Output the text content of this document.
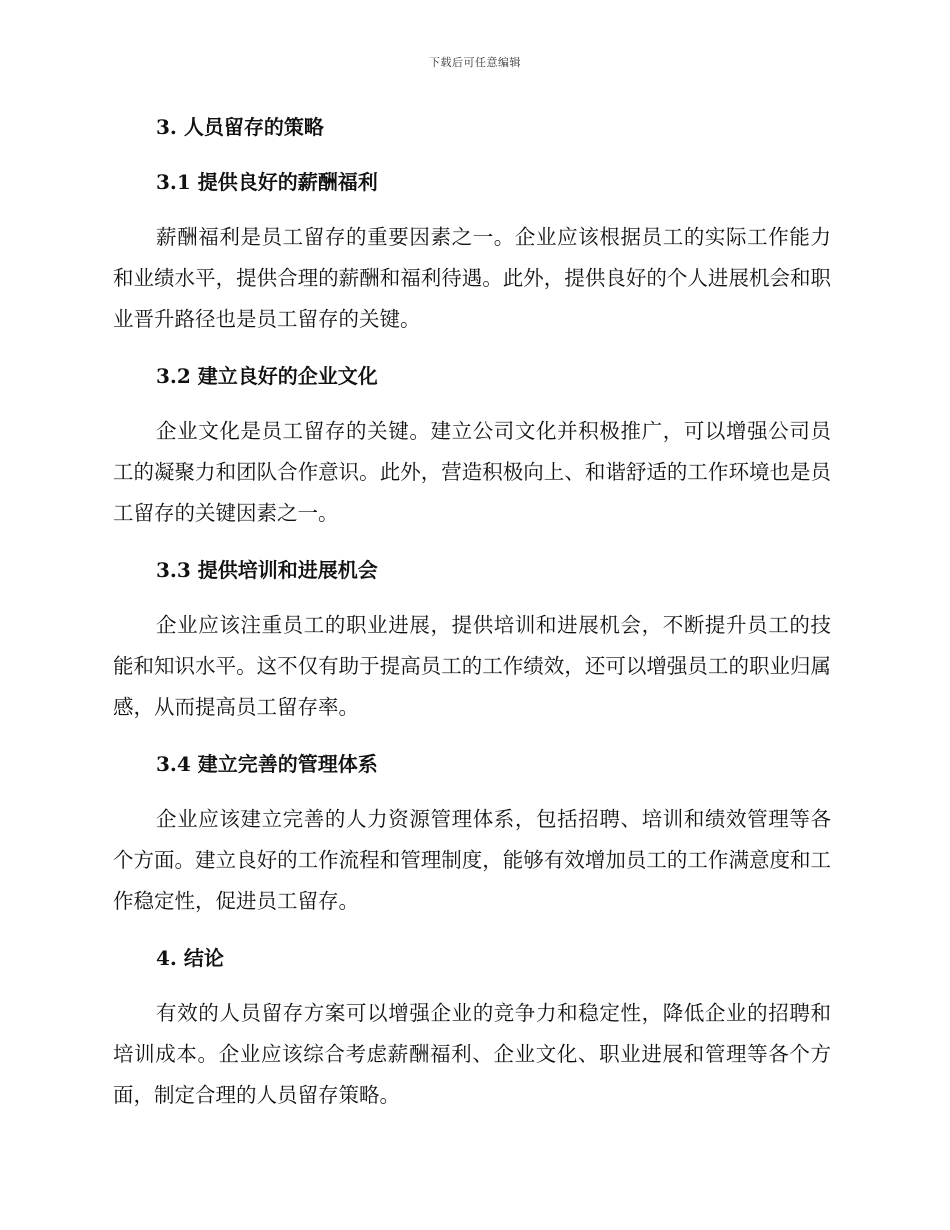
下载后可任意编辑
3. 人员留存的策略
3.1 提供良好的薪酬福利

薪酬福利是员工留存的重要因素之一。企业应该根据员工的实际工作能力和业绩水平，提供合理的薪酬和福利待遇。此外，提供良好的个人进展机会和职业晋升路径也是员工留存的关键。

3.2 建立良好的企业文化

企业文化是员工留存的关键。建立公司文化并积极推广，可以增强公司员工的凝聚力和团队合作意识。此外，营造积极向上、和谐舒适的工作环境也是员工留存的关键因素之一。

3.3 提供培训和进展机会

企业应该注重员工的职业进展，提供培训和进展机会，不断提升员工的技能和知识水平。这不仅有助于提高员工的工作绩效，还可以增强员工的职业归属感，从而提高员工留存率。

3.4 建立完善的管理体系

企业应该建立完善的人力资源管理体系，包括招聘、培训和绩效管理等各个方面。建立良好的工作流程和管理制度，能够有效增加员工的工作满意度和工作稳定性，促进员工留存。

4. 结论

有效的人员留存方案可以增强企业的竞争力和稳定性，降低企业的招聘和培训成本。企业应该综合考虑薪酬福利、企业文化、职业进展和管理等各个方面，制定合理的人员留存策略。
